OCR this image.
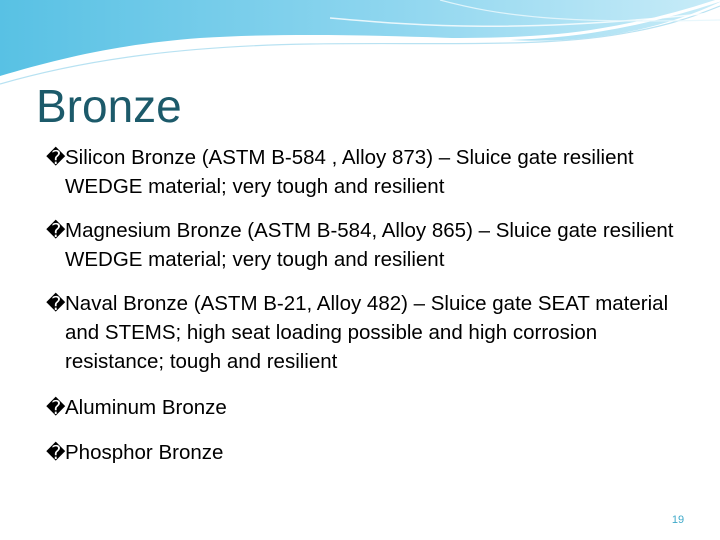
Bronze
� Silicon Bronze (ASTM B-584 , Alloy 873) – Sluice gate resilient WEDGE material; very tough and resilient
� Magnesium Bronze (ASTM B-584, Alloy 865) – Sluice gate resilient WEDGE material; very tough and resilient
� Naval Bronze (ASTM B-21, Alloy 482) – Sluice gate SEAT material and STEMS; high seat loading possible and high corrosion resistance; tough and resilient
� Aluminum Bronze
� Phosphor Bronze
19
